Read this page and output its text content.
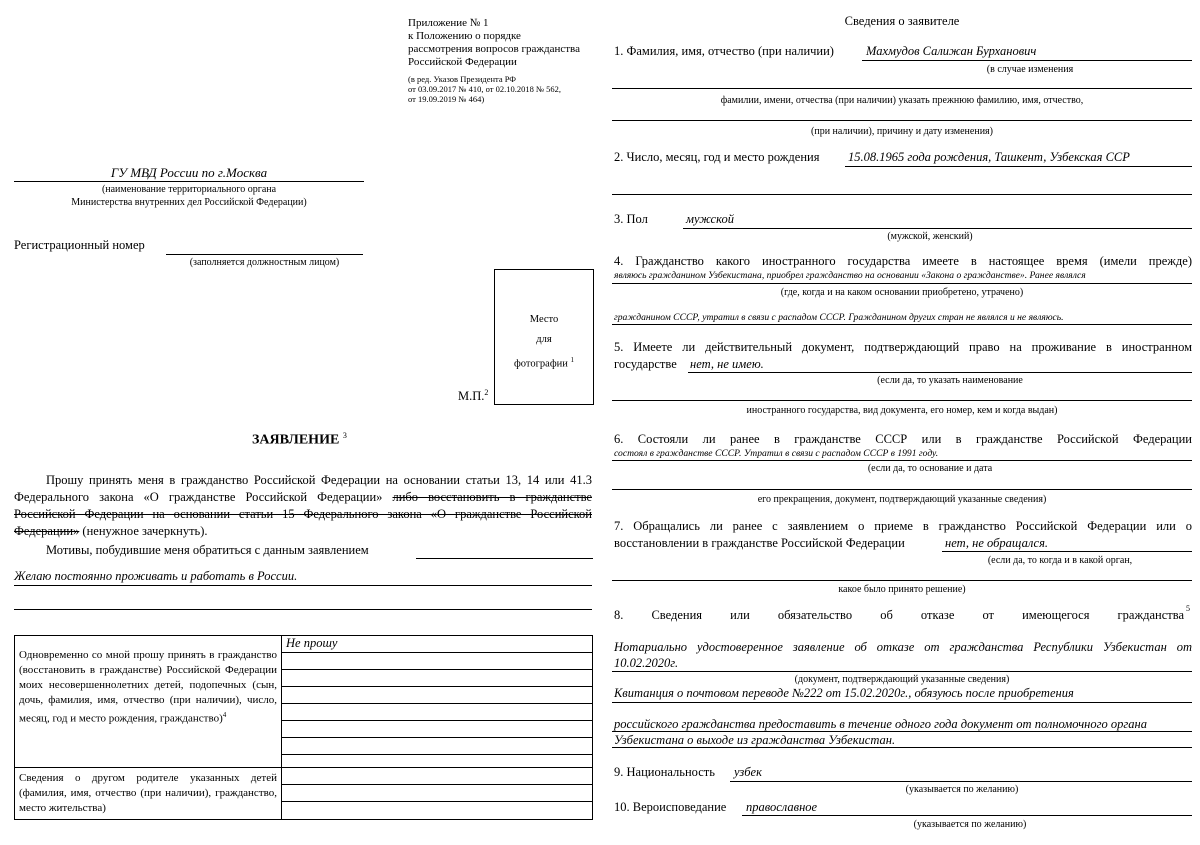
Приложение № 1
к Положению о порядке
рассмотрения вопросов гражданства
Российской Федерации
(в ред. Указов Президента РФ
от 03.09.2017 № 410, от 02.10.2018 № 562,
от 19.09.2019 № 464)
ГУ МВД России по г.Москва
(наименование территориального органа
Министерства внутренних дел Российской Федерации)
Регистрационный номер
(заполняется должностным лицом)
Место
для
фотографии $^1$
М.П.$^2$
ЗАЯВЛЕНИЕ $^3$
Прошу принять меня в гражданство Российской Федерации на основании статьи 13, 14 или 41.3 Федерального закона «О гражданстве Российской Федерации» либо восстановить в гражданстве Российской Федерации на основании статьи 15 Федерального закона «О гражданстве Российской Федерации» (ненужное зачеркнуть).
Мотивы, побудившие меня обратиться с данным заявлением
Желаю постоянно проживать и работать в России.
Одновременно со мной прошу принять в гражданство (восстановить в гражданстве) Российской Федерации моих несовершеннолетних детей, подопечных (сын, дочь, фамилия, имя, отчество (при наличии), число, месяц, год и место рождения, гражданство)$^4$	Не прошу

Сведения о другом родителе указанных детей (фамилия, имя, отчество (при наличии), гражданство, место жительства)	

Сведения о заявителе
1. Фамилия, имя, отчество (при наличии)	Махмудов Салижан Бурханович
(в случае изменения
фамилии, имени, отчества (при наличии) указать прежнюю фамилию, имя, отчество,
(при наличии), причину и дату изменения)
2. Число, месяц, год и место рождения 15.08.1965 года рождения, Ташкент, Узбекская ССР
3. Пол	мужской
(мужской, женский)
4. Гражданство какого иностранного государства имеете в настоящее время (имели прежде)
являюсь гражданином Узбекистана, приобрел гражданство на основании «Закона о гражданстве». Ранее являлся
(где, когда и на каком основании приобретено, утрачено)
гражданином СССР, утратил в связи с распадом СССР. Гражданином других стран не являлся и не являюсь.
5. Имеете ли действительный документ, подтверждающий право на проживание в иностранном
государстве нет, не имею.
(если да, то указать наименование
иностранного государства, вид документа, его номер, кем и когда выдан)
6. Состояли ли ранее в гражданстве СССР или в гражданстве Российской Федерации
состоял в гражданстве СССР. Утратил в связи с распадом СССР в 1991 году.
(если да, то основание и дата
его прекращения, документ, подтверждающий указанные сведения)
7. Обращались ли ранее с заявлением о приеме в гражданство Российской Федерации или о
восстановлении в гражданстве Российской Федерации	нет, не обращался.
(если да, то когда и в какой орган,
какое было принято решение)
8. Сведения или обязательство об отказе от имеющегося гражданства 5
Нотариально удостоверенное заявление об отказе от гражданства Республики Узбекистан от 10.02.2020г.
(документ, подтверждающий указанные сведения)
Квитанция о почтовом переводе №222 от 15.02.2020г., обязуюсь после приобретения
российского гражданства предоставить в течение одного года документ от полномочного органа Узбекистана о выходе из гражданства Узбекистан.
9. Национальность узбек
(указывается по желанию)
10. Вероисповедание православное
(указывается по желанию)
